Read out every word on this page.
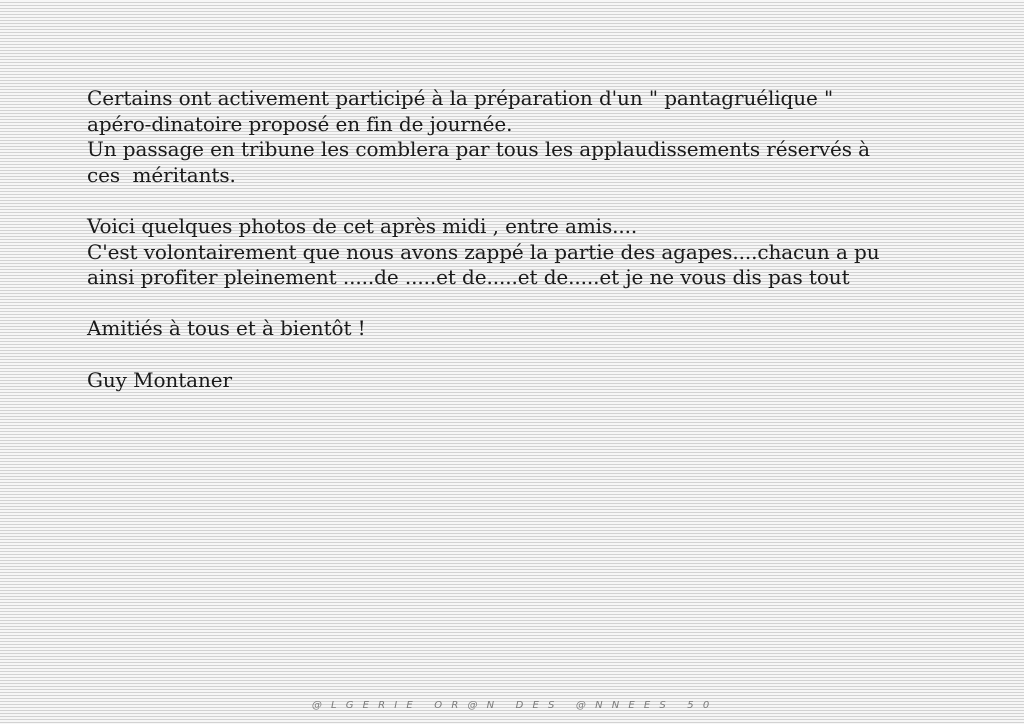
Certains ont activement participé à la préparation d'un " pantagruélique "
apéro-dinatoire proposé en fin de journée.
Un passage en tribune les comblera par tous les applaudissements réservés à
ces  méritants.
Voici quelques photos de cet après midi , entre amis....
C'est volontairement que nous avons zappé la partie des agapes....chacun a pu
ainsi profiter pleinement .....de .....et de.....et de.....et je ne vous dis pas tout
Amitiés à tous et à bientôt !
Guy Montaner
@ L G E R I E   O R @ N   D E S   @ N N E E S   5 0
